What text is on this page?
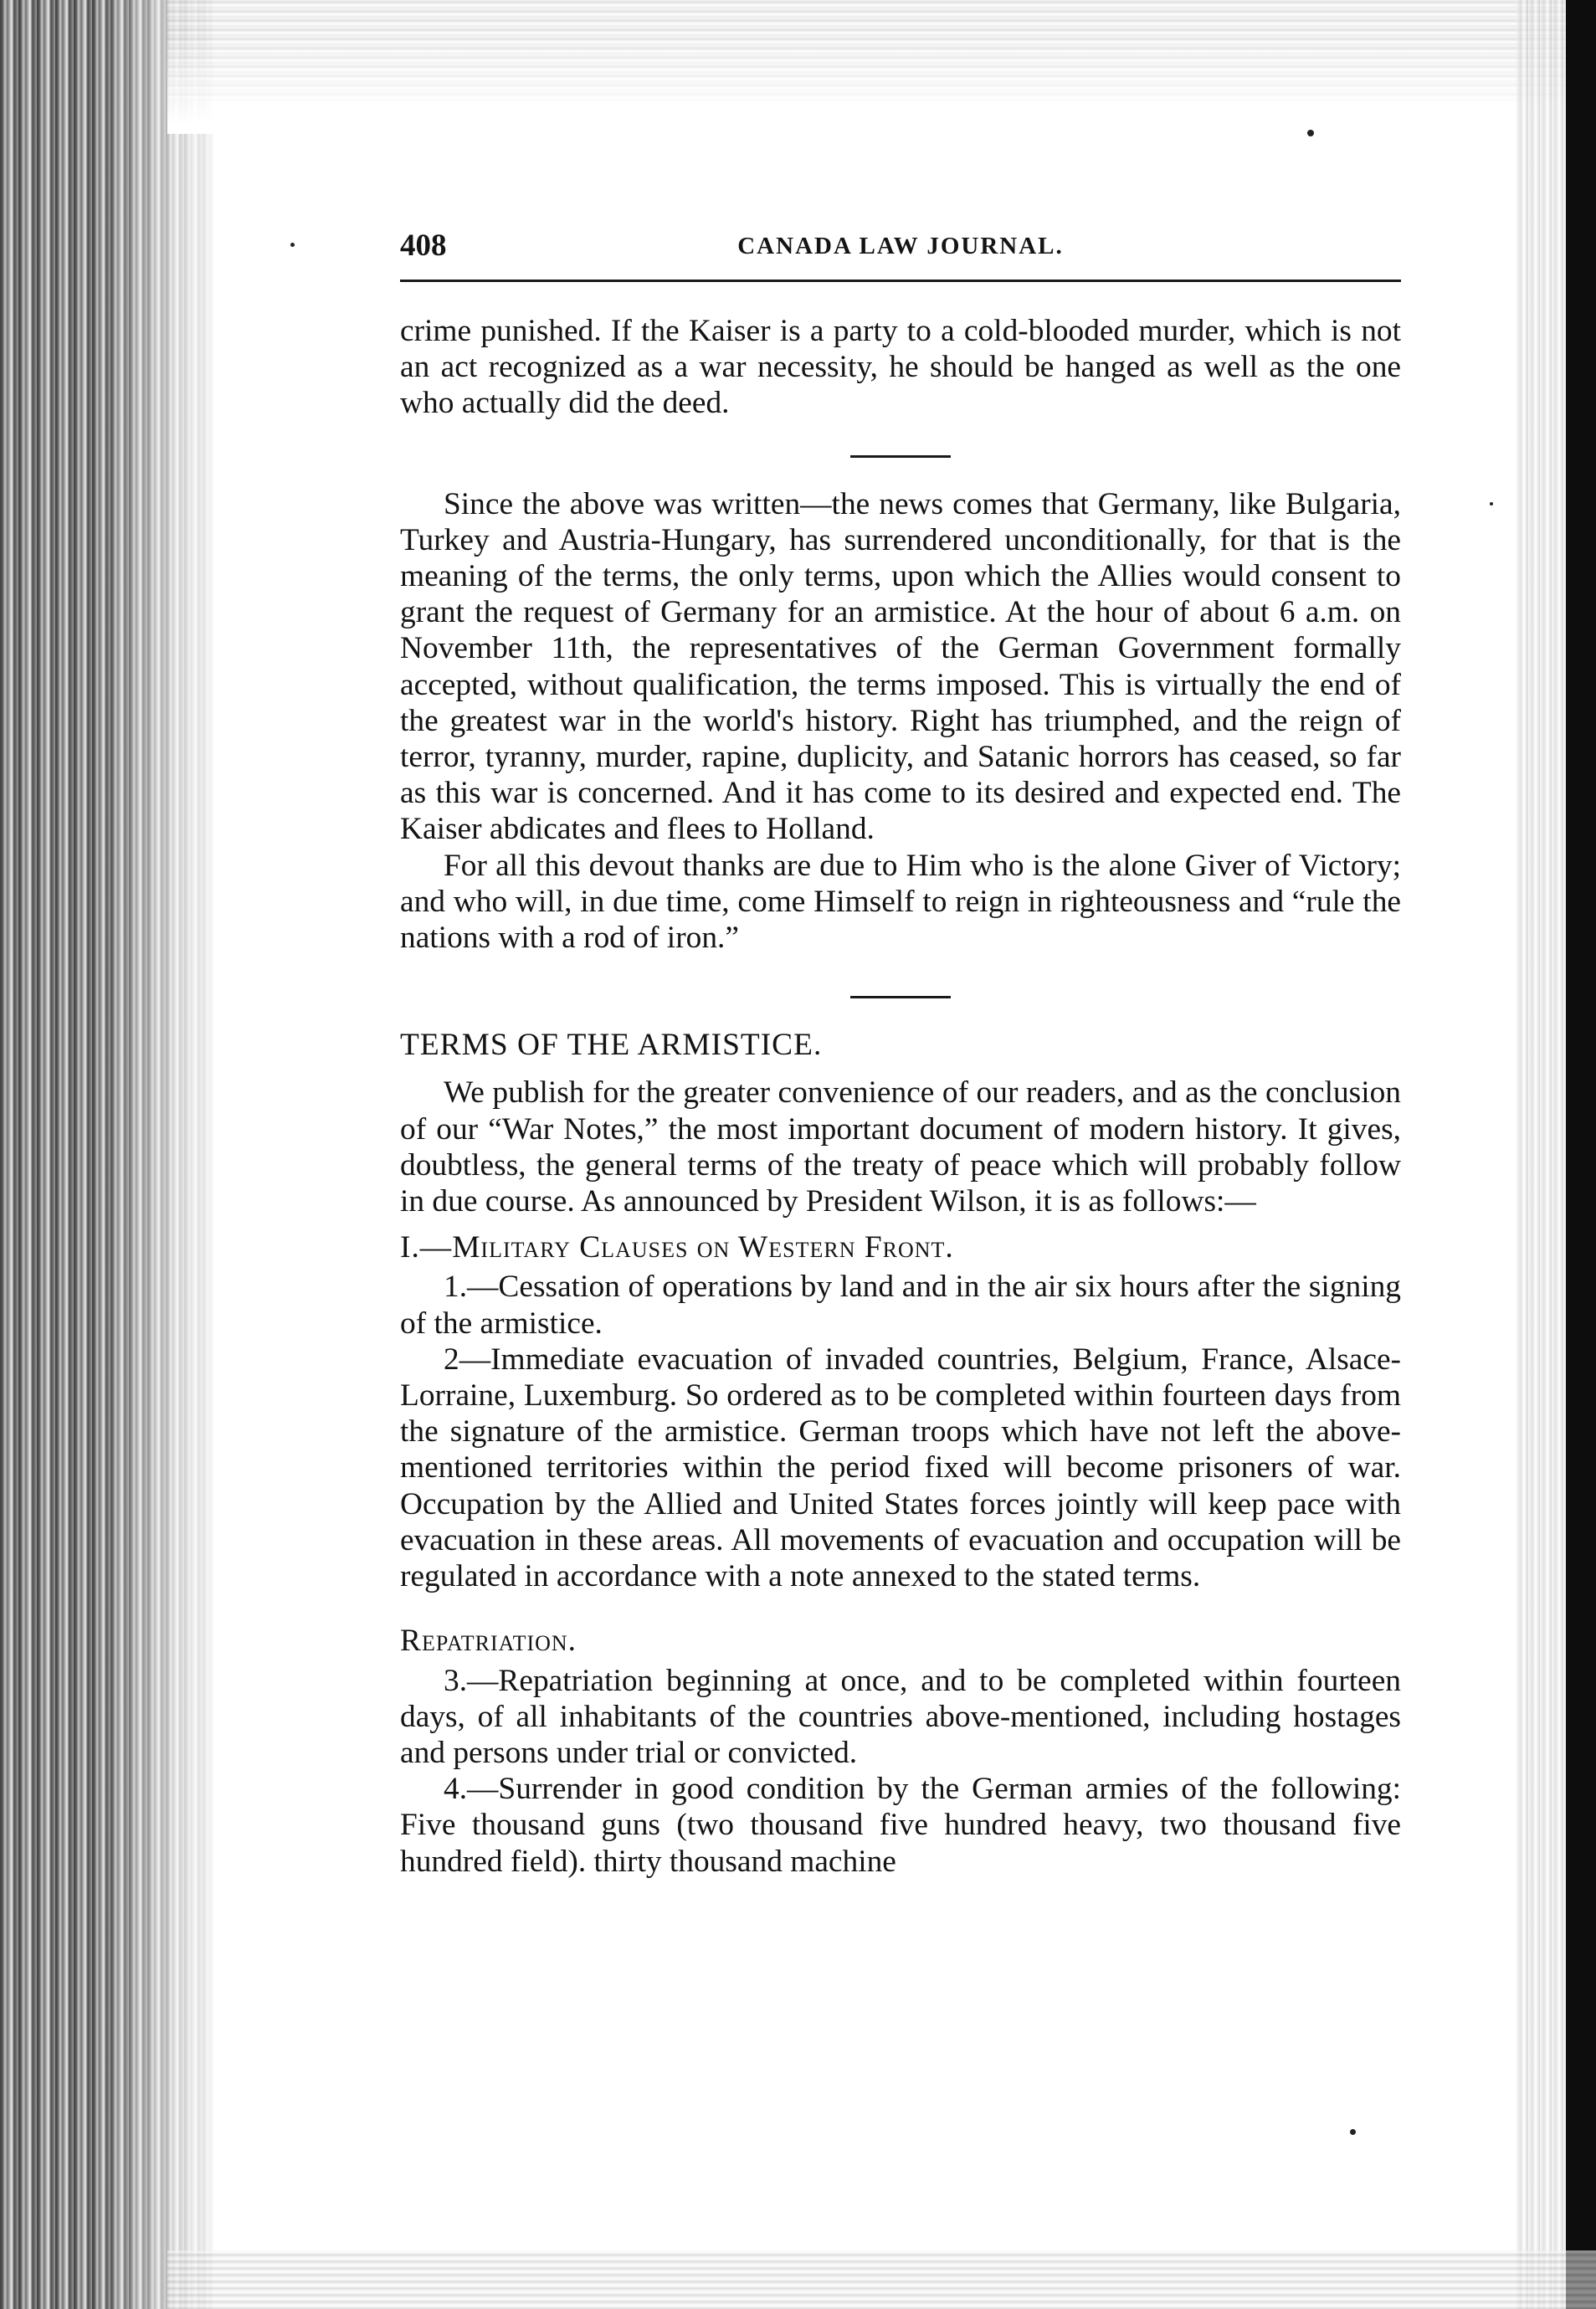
408	CANADA LAW JOURNAL.

crime punished. If the Kaiser is a party to a cold-blooded murder, which is not an act recognized as a war necessity, he should be hanged as well as the one who actually did the deed.

Since the above was written—the news comes that Germany, like Bulgaria, Turkey and Austria-Hungary, has surrendered unconditionally, for that is the meaning of the terms, the only terms, upon which the Allies would consent to grant the request of Germany for an armistice. At the hour of about 6 a.m. on November 11th, the representatives of the German Government formally accepted, without qualification, the terms imposed. This is virtually the end of the greatest war in the world's history. Right has triumphed, and the reign of terror, tyranny, murder, rapine, duplicity, and Satanic horrors has ceased, so far as this war is concerned. And it has come to its desired and expected end. The Kaiser abdicates and flees to Holland.

For all this devout thanks are due to Him who is the alone Giver of Victory; and who will, in due time, come Himself to reign in righteousness and “rule the nations with a rod of iron.”

TERMS OF THE ARMISTICE.

We publish for the greater convenience of our readers, and as the conclusion of our “War Notes,” the most important document of modern history. It gives, doubtless, the general terms of the treaty of peace which will probably follow in due course. As announced by President Wilson, it is as follows:—

I.—Military Clauses on Western Front.

1.—Cessation of operations by land and in the air six hours after the signing of the armistice.

2—Immediate evacuation of invaded countries, Belgium, France, Alsace-Lorraine, Luxemburg. So ordered as to be completed within fourteen days from the signature of the armistice. German troops which have not left the above-mentioned territories within the period fixed will become prisoners of war. Occupation by the Allied and United States forces jointly will keep pace with evacuation in these areas. All movements of evacuation and occupation will be regulated in accordance with a note annexed to the stated terms.

Repatriation.

3.—Repatriation beginning at once, and to be completed within fourteen days, of all inhabitants of the countries above-mentioned, including hostages and persons under trial or convicted.

4.—Surrender in good condition by the German armies of the following: Five thousand guns (two thousand five hundred heavy, two thousand five hundred field). thirty thousand machine
